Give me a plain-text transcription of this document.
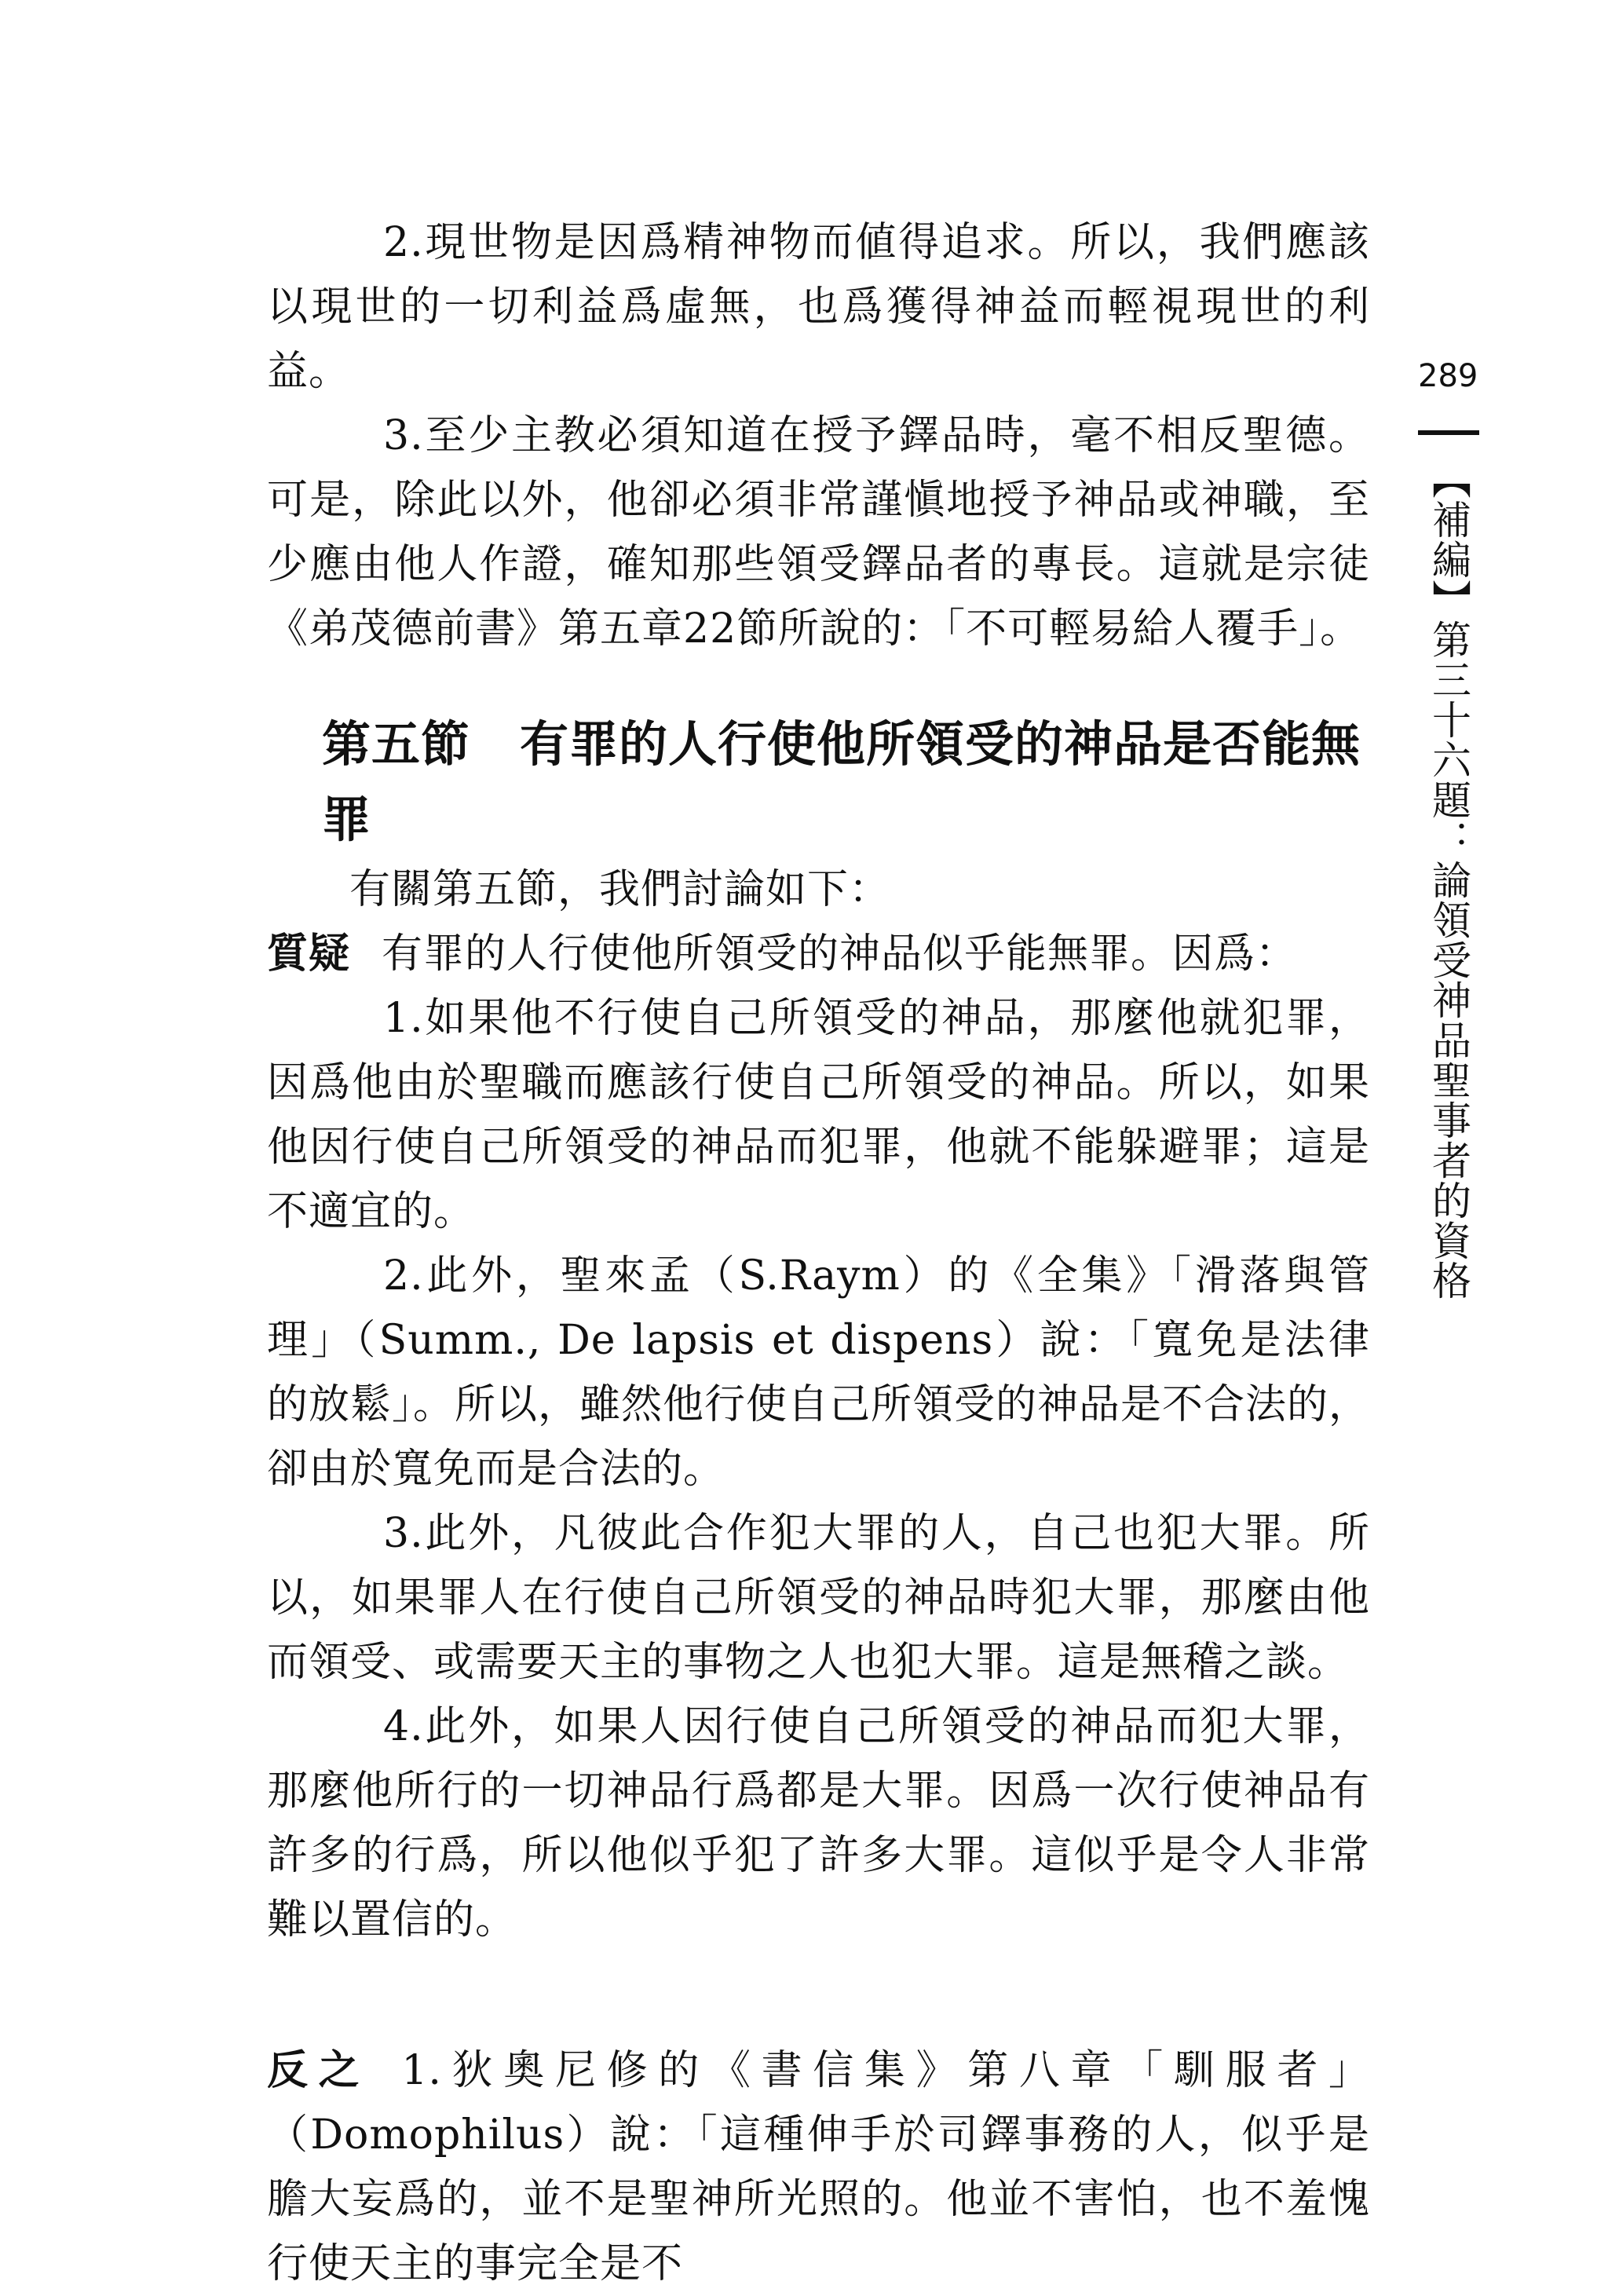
289
【補編】第三十六題：論領受神品聖事者的資格

2.現世物是因爲精神物而値得追求。所以，我們應該以現世的一切利益爲虛無，也爲獲得神益而輕視現世的利益。

3.至少主教必須知道在授予鐸品時，毫不相反聖德。可是，除此以外，他卻必須非常謹愼地授予神品或神職，至少應由他人作證，確知那些領受鐸品者的專長。這就是宗徒《弟茂德前書》第五章22節所說的：「不可輕易給人覆手」。

第五節　有罪的人行使他所領受的神品是否能無罪

有關第五節，我們討論如下：

質疑 有罪的人行使他所領受的神品似乎能無罪。因爲：

1.如果他不行使自己所領受的神品，那麼他就犯罪，因爲他由於聖職而應該行使自己所領受的神品。所以，如果他因行使自己所領受的神品而犯罪，他就不能躲避罪；這是不適宜的。

2.此外，聖來孟（S.Raym）的《全集》「滑落與管理」（Summ., De lapsis et dispens）說：「寬免是法律的放鬆」。所以，雖然他行使自己所領受的神品是不合法的，卻由於寬免而是合法的。

3.此外，凡彼此合作犯大罪的人，自己也犯大罪。所以，如果罪人在行使自己所領受的神品時犯大罪，那麼由他而領受、或需要天主的事物之人也犯大罪。這是無稽之談。

4.此外，如果人因行使自己所領受的神品而犯大罪，那麼他所行的一切神品行爲都是大罪。因爲一次行使神品有許多的行爲，所以他似乎犯了許多大罪。這似乎是令人非常難以置信的。

反之 1.狄奧尼修的《書信集》第八章「馴服者」（Domophilus）說：「這種伸手於司鐸事務的人，似乎是膽大妄爲的，並不是聖神所光照的。他並不害怕，也不羞愧行使天主的事完全是不
